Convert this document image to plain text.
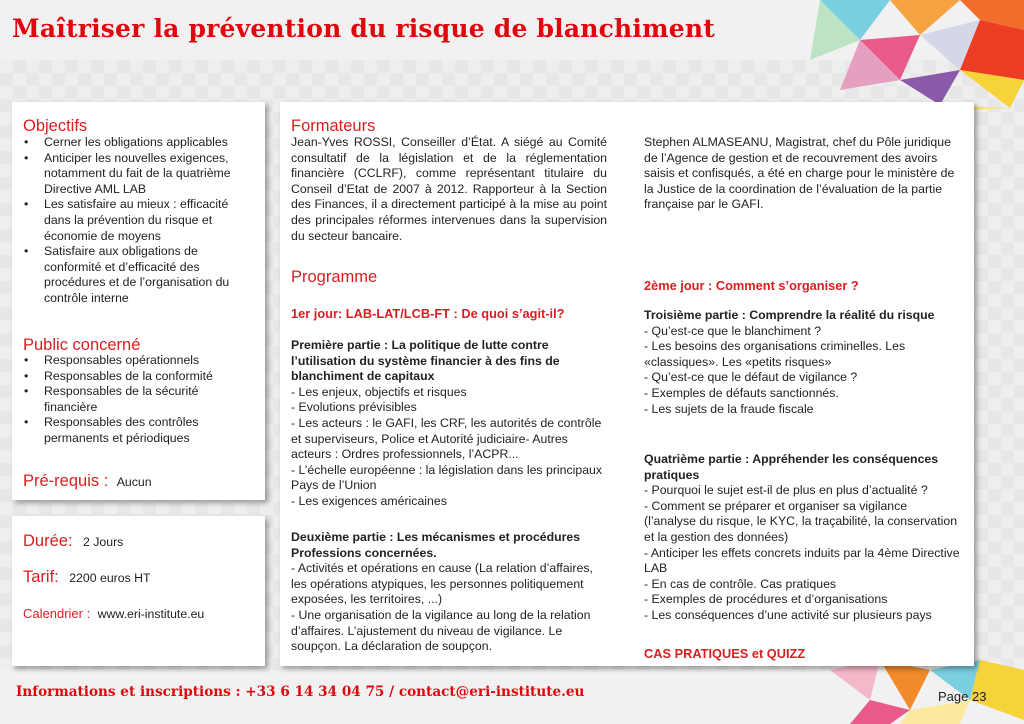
Maîtriser la prévention du risque de blanchiment
Objectifs
• Cerner les obligations applicables
• Anticiper les nouvelles exigences, notamment du fait de la quatrième Directive AML LAB
• Les satisfaire au mieux : efficacité dans la prévention du risque et économie de moyens
• Satisfaire aux obligations de conformité et d’efficacité des procédures et de l’organisation du contrôle interne
Public concerné
• Responsables opérationnels
• Responsables de la conformité
• Responsables de la sécurité financière
• Responsables des contrôles permanents et périodiques
Pré-requis : Aucun
Durée: 2 Jours
Tarif: 2200 euros HT
Calendrier : www.eri-institute.eu
Formateurs
Jean-Yves ROSSI, Conseiller d’État. A siégé au Comité consultatif de la législation et de la réglementation financière (CCLRF), comme représentant titulaire du Conseil d’Etat de 2007 à 2012. Rapporteur à la Section des Finances, il a directement participé à la mise au point des principales réformes intervenues dans la supervision du secteur bancaire.
Programme
1er jour: LAB-LAT/LCB-FT : De quoi s’agit-il?
Première partie : La politique de lutte contre l’utilisation du système financier à des fins de blanchiment de capitaux
- Les enjeux, objectifs et risques
- Evolutions prévisibles
- Les acteurs : le GAFI, les CRF, les autorités de contrôle et superviseurs, Police et Autorité judiciaire- Autres acteurs : Ordres professionnels, l’ACPR...
- L’échelle européenne : la législation dans les principaux Pays de l’Union
- Les exigences américaines
Deuxième partie : Les mécanismes et procédures Professions concernées.
- Activités et opérations en cause (La relation d’affaires, les opérations atypiques, les personnes politiquement exposées, les territoires, ...)
- Une organisation de la vigilance au long de la relation d’affaires. L’ajustement du niveau de vigilance. Le soupçon. La déclaration de soupçon.
Stephen ALMASEANU, Magistrat, chef du Pôle juridique de l’Agence de gestion et de recouvrement des avoirs saisis et confisqués, a été en charge pour le ministère de la Justice de la coordination de l’évaluation de la partie française par le GAFI.
2ème jour : Comment s’organiser ?
Troisième partie : Comprendre la réalité du risque
- Qu’est-ce que le blanchiment ?
- Les besoins des organisations criminelles. Les «classiques». Les «petits risques»
- Qu’est-ce que le défaut de vigilance ?
- Exemples de défauts sanctionnés.
- Les sujets de la fraude fiscale
Quatrième partie : Appréhender les conséquences pratiques
- Pourquoi le sujet est-il de plus en plus d’actualité ?
- Comment se préparer et organiser sa vigilance (l’analyse du risque, le KYC, la traçabilité, la conservation et la gestion des données)
- Anticiper les effets concrets induits par la 4ème Directive LAB
- En cas de contrôle. Cas pratiques
- Exemples de procédures et d’organisations
- Les conséquences d’une activité sur plusieurs pays
CAS PRATIQUES et QUIZZ
Informations et inscriptions : +33 6 14 34 04 75 / contact@eri-institute.eu	Page 23
